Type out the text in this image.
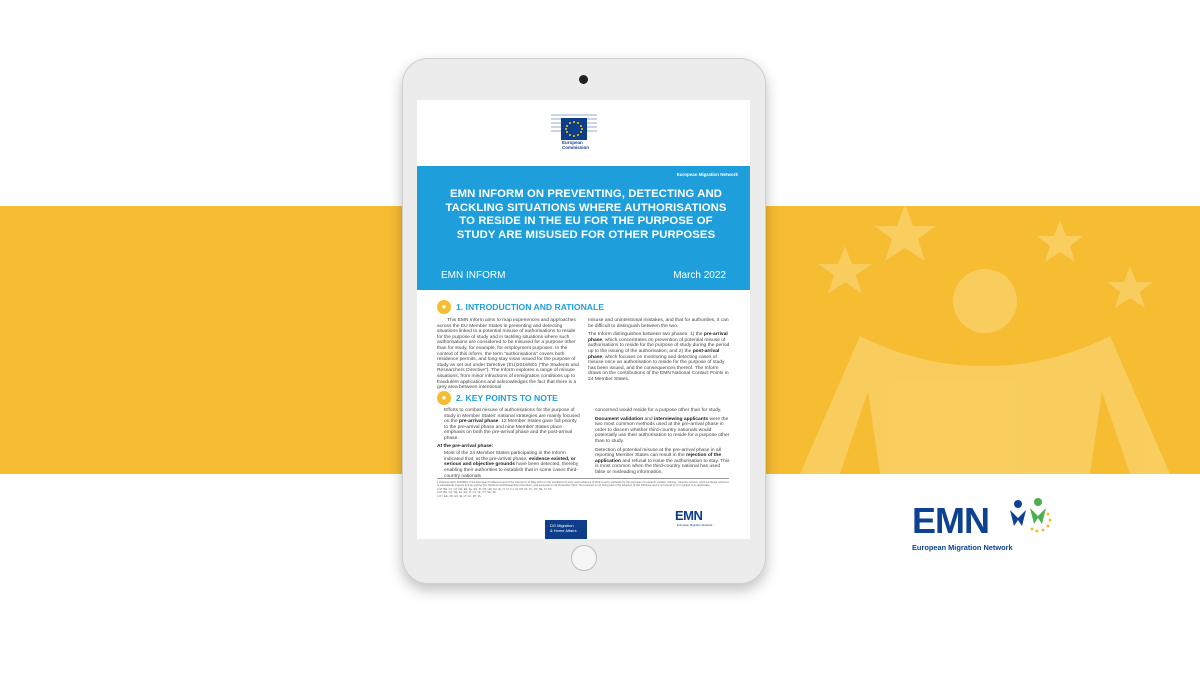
European
Commission
European Migration Network
EMN INFORM ON PREVENTING, DETECTING AND TACKLING SITUATIONS WHERE AUTHORISATIONS TO RESIDE IN THE EU FOR THE PURPOSE OF STUDY ARE MISUSED FOR OTHER PURPOSES
EMN INFORM	March 2022
●	1. INTRODUCTION AND RATIONALE
This EMN Inform aims to map experiences and approaches across the EU Member States in preventing and detecting situations linked to a potential misuse of authorisations to reside for the purpose of study and in tackling situations where such authorisations are considered to be misused for a purpose other than for study, for example, for employment purposes. In the context of this inform, the term “authorisations” covers both residence permits, and long-stay visas issued for the purpose of study as set out under Directive (EU)2016/801 (“the Students and Researchers Directive”). The Inform explores a range of misuse situations, from minor infractions of immigration conditions up to fraudulent applications and acknowledges the fact that there is a grey area between intentional
misuse and unintentional mistakes, and that for authorities, it can be difficult to distinguish between the two.
The Inform distinguishes between two phases: 1) the pre-arrival phase, which concentrates on prevention of potential misuse of authorisations to reside for the purpose of study during the period up to the issuing of the authorisation; and 2) the post-arrival phase, which focuses on monitoring and detecting cases of misuse once an authorisation to reside for the purpose of study has been issued, and the consequences thereof. The Inform draws on the contributions of the EMN National Contact Points in 24 Member States.
●	2. KEY POINTS TO NOTE
Efforts to combat misuse of authorisations for the purpose of study in Member States' national strategies are mainly focused on the pre-arrival phase. 12 Member States gave full priority to the pre-arrival phase and nine Member States place emphasis on both the pre-arrival phase and the post-arrival phase.
At the pre-arrival phase:
Most of the 24 Member States participating in the Inform indicated that, at the pre-arrival phase, evidence existed, or serious and objective grounds have been detected, thereby enabling their authorities to establish that in some cases third-country nationals
concerned would reside for a purpose other than for study.
Document validation and interviewing applicants were the two most common methods used at the pre-arrival phase in order to discern whether third-country nationals would potentially use their authorisation to reside for a purpose other than to study.
Detection of potential misuse at the pre-arrival phase in all reporting Member States can result in the rejection of the application and refusal to issue the authorisation to stay. This is most common when the third-country national has used false or misleading information,
1 Directive (EU) 2016/801 of the European Parliament and of the Council of 11 May 2016 on the conditions of entry and residence of third-country nationals for the purposes of research, studies, training, voluntary service, pupil exchange schemes or educational projects and au pairing (the Students and Researchers Directive), and accessed on 02 November 2021. Text relevant is not being part in the adoption of this Directive and is not bound by it or subject to its application.
2 AT, BE, CY, CZ, DE, EE, EL, ES, FI, FR, HR, HU, IE, IT, LT, LU, LV, MT, NL, PL, PT, SE, SI, SK.
3 AT, BE, CZ, DE, EL, ES, FI, LU, NL, PT, SE, SK.
4 CY, EE, FR, HU, IE, LT, LU, MT, PL.
DG Migration
& Home Affairs
EMN
European Migration Network	EMN
European Migration Network
